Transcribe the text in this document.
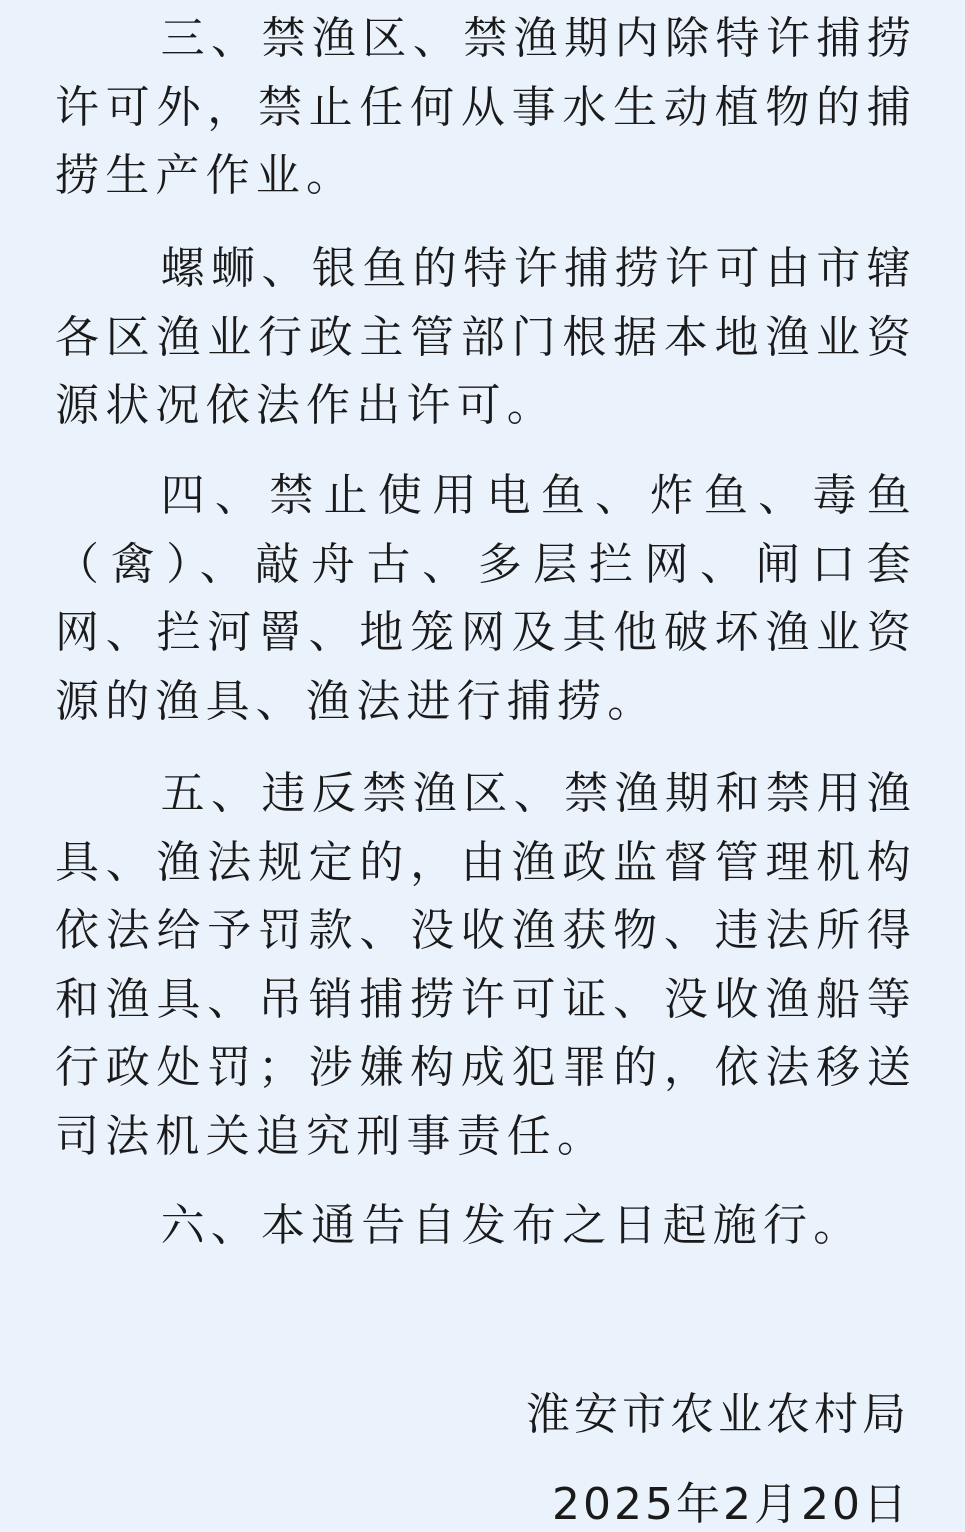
三、禁渔区、禁渔期内除特许捕捞许可外，禁止任何从事水生动植物的捕捞生产作业。

螺蛳、银鱼的特许捕捞许可由市辖各区渔业行政主管部门根据本地渔业资源状况依法作出许可。

四、禁止使用电鱼、炸鱼、毒鱼（禽）、敲舟古、多层拦网、闸口套网、拦河罾、地笼网及其他破坏渔业资源的渔具、渔法进行捕捞。

五、违反禁渔区、禁渔期和禁用渔具、渔法规定的，由渔政监督管理机构依法给予罚款、没收渔获物、违法所得和渔具、吊销捕捞许可证、没收渔船等行政处罚；涉嫌构成犯罪的，依法移送司法机关追究刑事责任。

六、本通告自发布之日起施行。

淮安市农业农村局
2025年2月20日
